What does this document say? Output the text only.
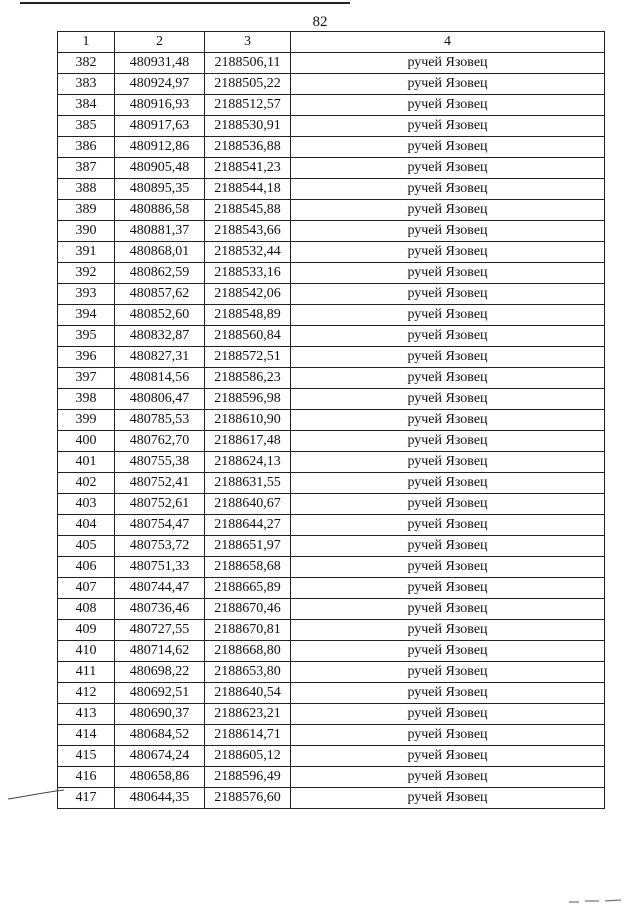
82
1	2	3	4
382	480931,48	2188506,11	ручей Язовец
383	480924,97	2188505,22	ручей Язовец
384	480916,93	2188512,57	ручей Язовец
385	480917,63	2188530,91	ручей Язовец
386	480912,86	2188536,88	ручей Язовец
387	480905,48	2188541,23	ручей Язовец
388	480895,35	2188544,18	ручей Язовец
389	480886,58	2188545,88	ручей Язовец
390	480881,37	2188543,66	ручей Язовец
391	480868,01	2188532,44	ручей Язовец
392	480862,59	2188533,16	ручей Язовец
393	480857,62	2188542,06	ручей Язовец
394	480852,60	2188548,89	ручей Язовец
395	480832,87	2188560,84	ручей Язовец
396	480827,31	2188572,51	ручей Язовец
397	480814,56	2188586,23	ручей Язовец
398	480806,47	2188596,98	ручей Язовец
399	480785,53	2188610,90	ручей Язовец
400	480762,70	2188617,48	ручей Язовец
401	480755,38	2188624,13	ручей Язовец
402	480752,41	2188631,55	ручей Язовец
403	480752,61	2188640,67	ручей Язовец
404	480754,47	2188644,27	ручей Язовец
405	480753,72	2188651,97	ручей Язовец
406	480751,33	2188658,68	ручей Язовец
407	480744,47	2188665,89	ручей Язовец
408	480736,46	2188670,46	ручей Язовец
409	480727,55	2188670,81	ручей Язовец
410	480714,62	2188668,80	ручей Язовец
411	480698,22	2188653,80	ручей Язовец
412	480692,51	2188640,54	ручей Язовец
413	480690,37	2188623,21	ручей Язовец
414	480684,52	2188614,71	ручей Язовец
415	480674,24	2188605,12	ручей Язовец
416	480658,86	2188596,49	ручей Язовец
417	480644,35	2188576,60	ручей Язовец
